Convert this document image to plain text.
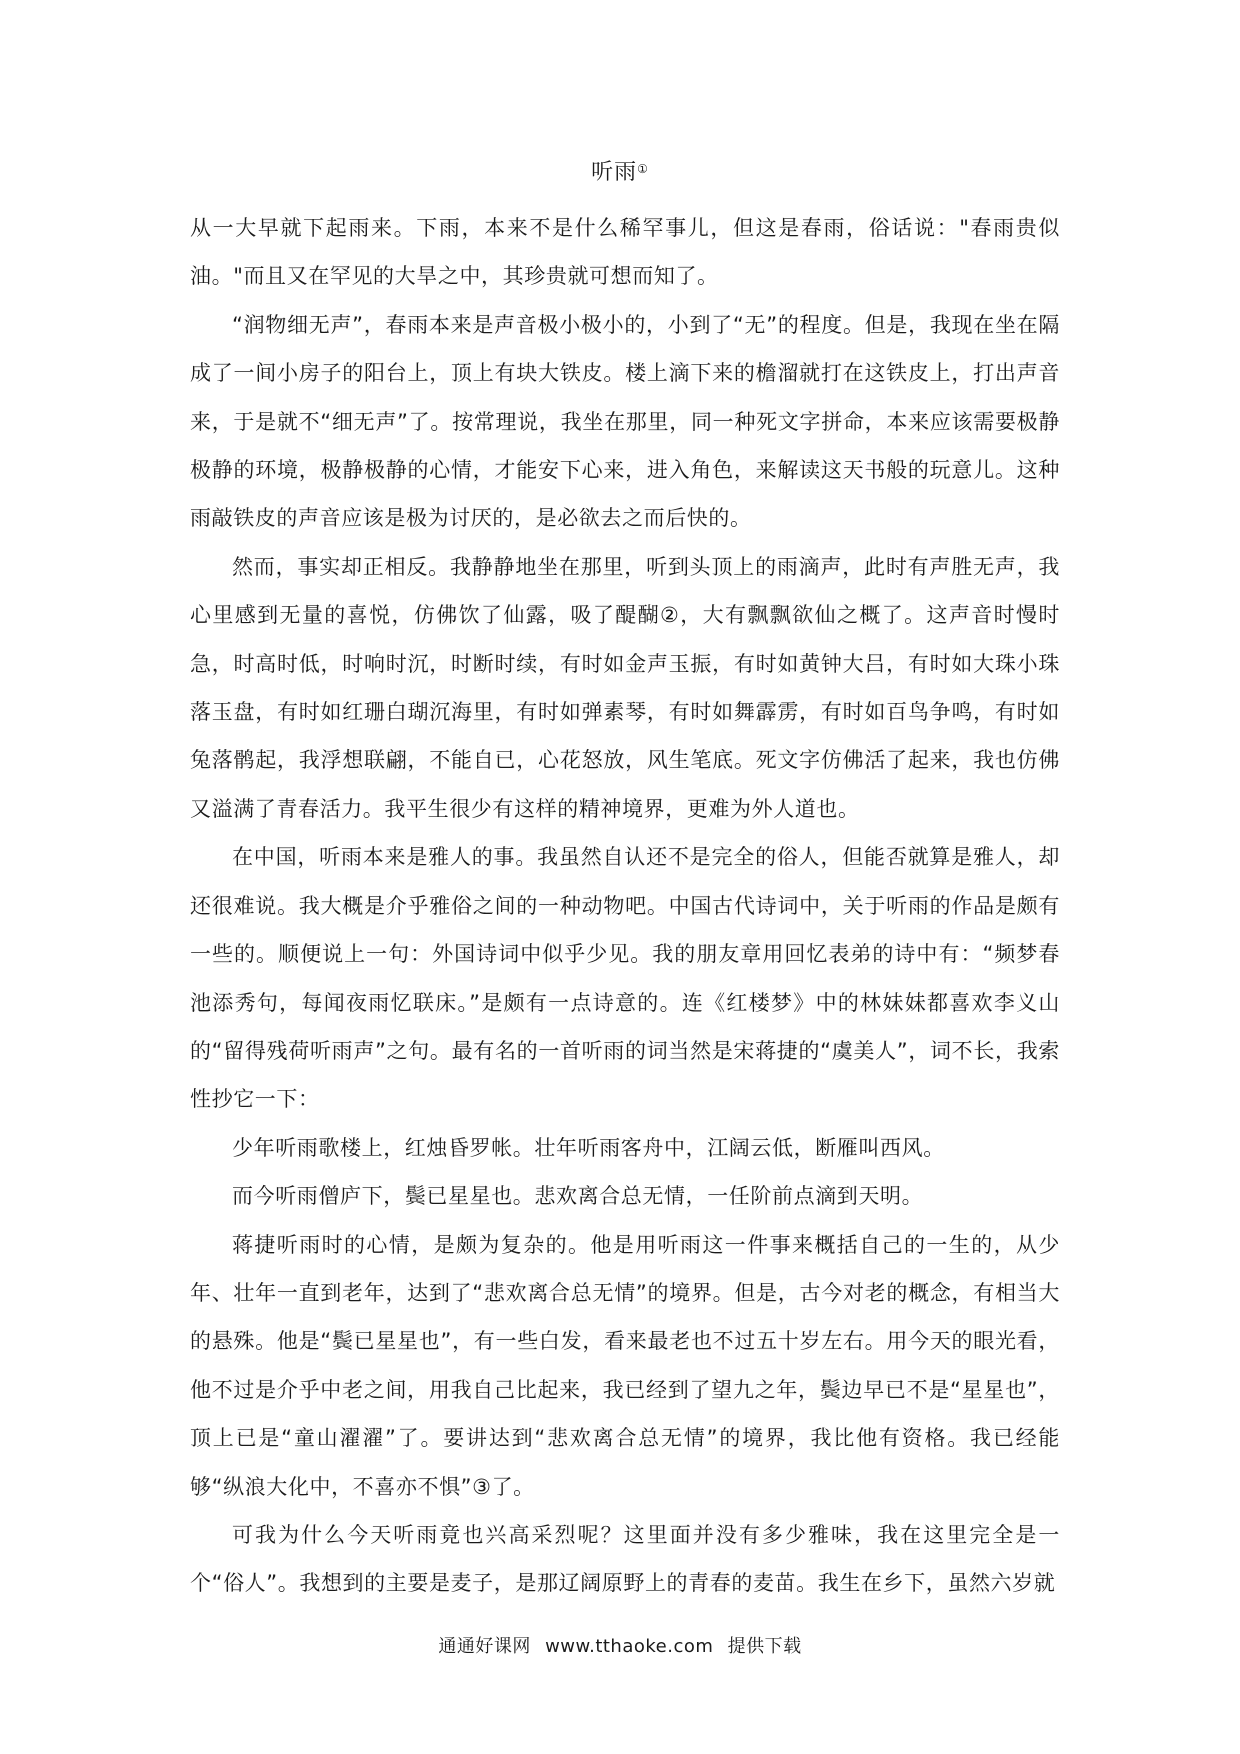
听雨①

从一大早就下起雨来。下雨，本来不是什么稀罕事儿，但这是春雨，俗话说："春雨贵似油。"而且又在罕见的大旱之中，其珍贵就可想而知了。

“润物细无声”，春雨本来是声音极小极小的，小到了“无”的程度。但是，我现在坐在隔成了一间小房子的阳台上，顶上有块大铁皮。楼上滴下来的檐溜就打在这铁皮上，打出声音来，于是就不“细无声”了。按常理说，我坐在那里，同一种死文字拼命，本来应该需要极静极静的环境，极静极静的心情，才能安下心来，进入角色，来解读这天书般的玩意儿。这种雨敲铁皮的声音应该是极为讨厌的，是必欲去之而后快的。

然而，事实却正相反。我静静地坐在那里，听到头顶上的雨滴声，此时有声胜无声，我心里感到无量的喜悦，仿佛饮了仙露，吸了醍醐②，大有飘飘欲仙之概了。这声音时慢时急，时高时低，时响时沉，时断时续，有时如金声玉振，有时如黄钟大吕，有时如大珠小珠落玉盘，有时如红珊白瑚沉海里，有时如弹素琴，有时如舞霹雳，有时如百鸟争鸣，有时如兔落鹘起，我浮想联翩，不能自已，心花怒放，风生笔底。死文字仿佛活了起来，我也仿佛又溢满了青春活力。我平生很少有这样的精神境界，更难为外人道也。

在中国，听雨本来是雅人的事。我虽然自认还不是完全的俗人，但能否就算是雅人，却还很难说。我大概是介乎雅俗之间的一种动物吧。中国古代诗词中，关于听雨的作品是颇有一些的。顺便说上一句：外国诗词中似乎少见。我的朋友章用回忆表弟的诗中有：“频梦春池添秀句，每闻夜雨忆联床。”是颇有一点诗意的。连《红楼梦》中的林妹妹都喜欢李义山的“留得残荷听雨声”之句。最有名的一首听雨的词当然是宋蒋捷的“虞美人”，词不长，我索性抄它一下：

少年听雨歌楼上，红烛昏罗帐。壮年听雨客舟中，江阔云低，断雁叫西风。

而今听雨僧庐下，鬓已星星也。悲欢离合总无情，一任阶前点滴到天明。

蒋捷听雨时的心情，是颇为复杂的。他是用听雨这一件事来概括自己的一生的，从少年、壮年一直到老年，达到了“悲欢离合总无情”的境界。但是，古今对老的概念，有相当大的悬殊。他是“鬓已星星也”，有一些白发，看来最老也不过五十岁左右。用今天的眼光看，他不过是介乎中老之间，用我自己比起来，我已经到了望九之年，鬓边早已不是“星星也”，顶上已是“童山濯濯”了。要讲达到“悲欢离合总无情”的境界，我比他有资格。我已经能够“纵浪大化中，不喜亦不惧”③了。

可我为什么今天听雨竟也兴高采烈呢？这里面并没有多少雅味，我在这里完全是一个“俗人”。我想到的主要是麦子，是那辽阔原野上的青春的麦苗。我生在乡下，虽然六岁就

通通好课网 www.tthaoke.com 提供下载
